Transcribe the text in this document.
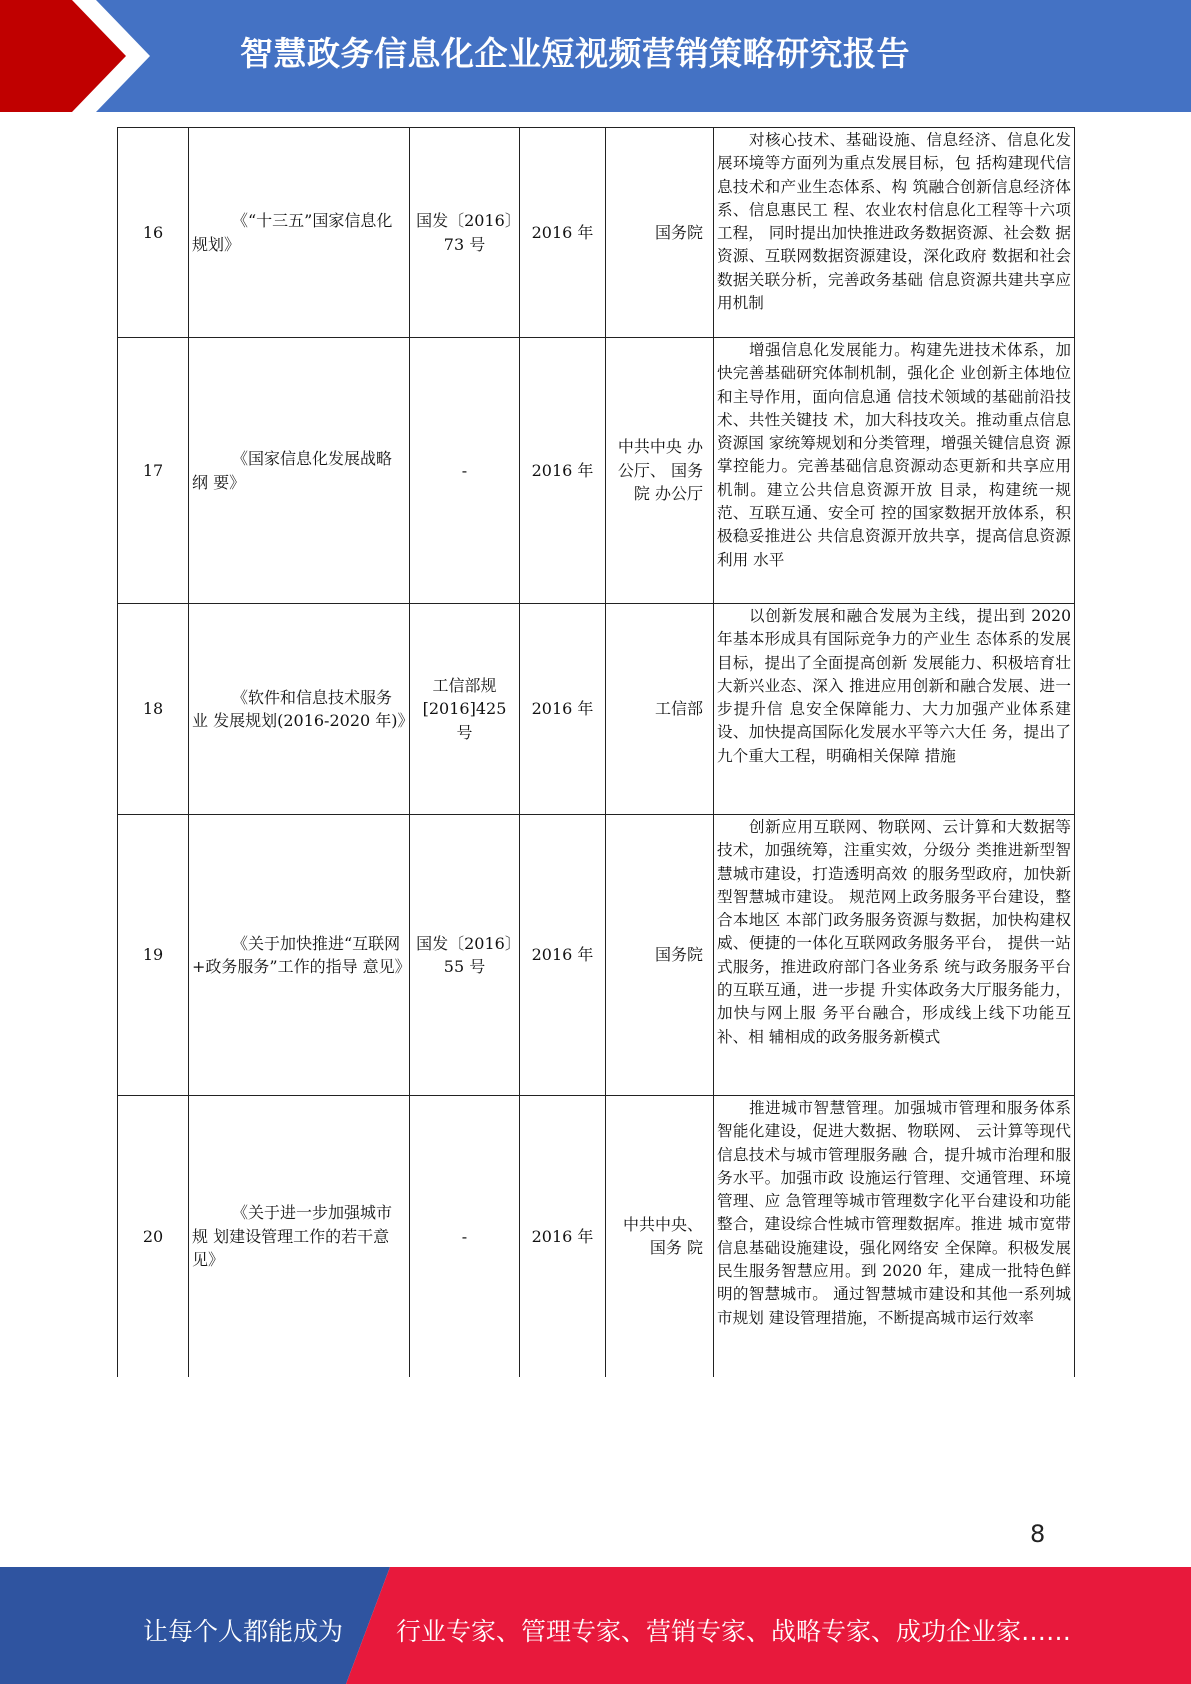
智慧政务信息化企业短视频营销策略研究报告
16	《“十三五”国家信息化 规划》	国发〔2016〕73 号	2016 年	国务院	对核心技术、基础设施、信息经济、信息化发展环境等方面列为重点发展目标，包 括构建现代信息技术和产业生态体系、构 筑融合创新信息经济体系、信息惠民工 程、农业农村信息化工程等十六项工程， 同时提出加快推进政务数据资源、社会数 据资源、互联网数据资源建设，深化政府 数据和社会数据关联分析，完善政务基础 信息资源共建共享应用机制
17	《国家信息化发展战略纲 要》	-	2016 年	中共中央 办公厅、 国务院 办公厅	增强信息化发展能力。构建先进技术体系，加快完善基础研究体制机制，强化企 业创新主体地位和主导作用，面向信息通 信技术领域的基础前沿技术、共性关键技 术，加大科技攻关。推动重点信息资源国 家统筹规划和分类管理，增强关键信息资 源掌控能力。完善基础信息资源动态更新和共享应用机制。建立公共信息资源开放 目录，构建统一规范、互联互通、安全可 控的国家数据开放体系，积极稳妥推进公 共信息资源开放共享，提高信息资源利用 水平
18	《软件和信息技术服务业 发展规划(2016-2020 年)》	工信部规[2016]425 号	2016 年	工信部	以创新发展和融合发展为主线，提出到 2020 年基本形成具有国际竞争力的产业生 态体系的发展目标，提出了全面提高创新 发展能力、积极培育壮大新兴业态、深入 推进应用创新和融合发展、进一步提升信 息安全保障能力、大力加强产业体系建 设、加快提高国际化发展水平等六大任 务，提出了九个重大工程，明确相关保障 措施
19	《关于加快推进“互联网 +政务服务”工作的指导 意见》	国发〔2016〕55 号	2016 年	国务院	创新应用互联网、物联网、云计算和大数据等技术，加强统筹，注重实效，分级分 类推进新型智慧城市建设，打造透明高效 的服务型政府，加快新型智慧城市建设。 规范网上政务服务平台建设，整合本地区 本部门政务服务资源与数据，加快构建权 威、便捷的一体化互联网政务服务平台， 提供一站式服务，推进政府部门各业务系 统与政务服务平台的互联互通，进一步提 升实体政务大厅服务能力，加快与网上服 务平台融合，形成线上线下功能互补、相 辅相成的政务服务新模式
20	《关于进一步加强城市规 划建设管理工作的若干意 见》	-	2016 年	中共中央、国务 院	推进城市智慧管理。加强城市管理和服务体系智能化建设，促进大数据、物联网、 云计算等现代信息技术与城市管理服务融 合，提升城市治理和服务水平。加强市政 设施运行管理、交通管理、环境管理、应 急管理等城市管理数字化平台建设和功能 整合，建设综合性城市管理数据库。推进 城市宽带信息基础设施建设，强化网络安 全保障。积极发展民生服务智慧应用。到 2020 年，建成一批特色鲜明的智慧城市。 通过智慧城市建设和其他一系列城市规划 建设管理措施，不断提高城市运行效率
8
让每个人都能成为 行业专家、管理专家、营销专家、战略专家、成功企业家……
